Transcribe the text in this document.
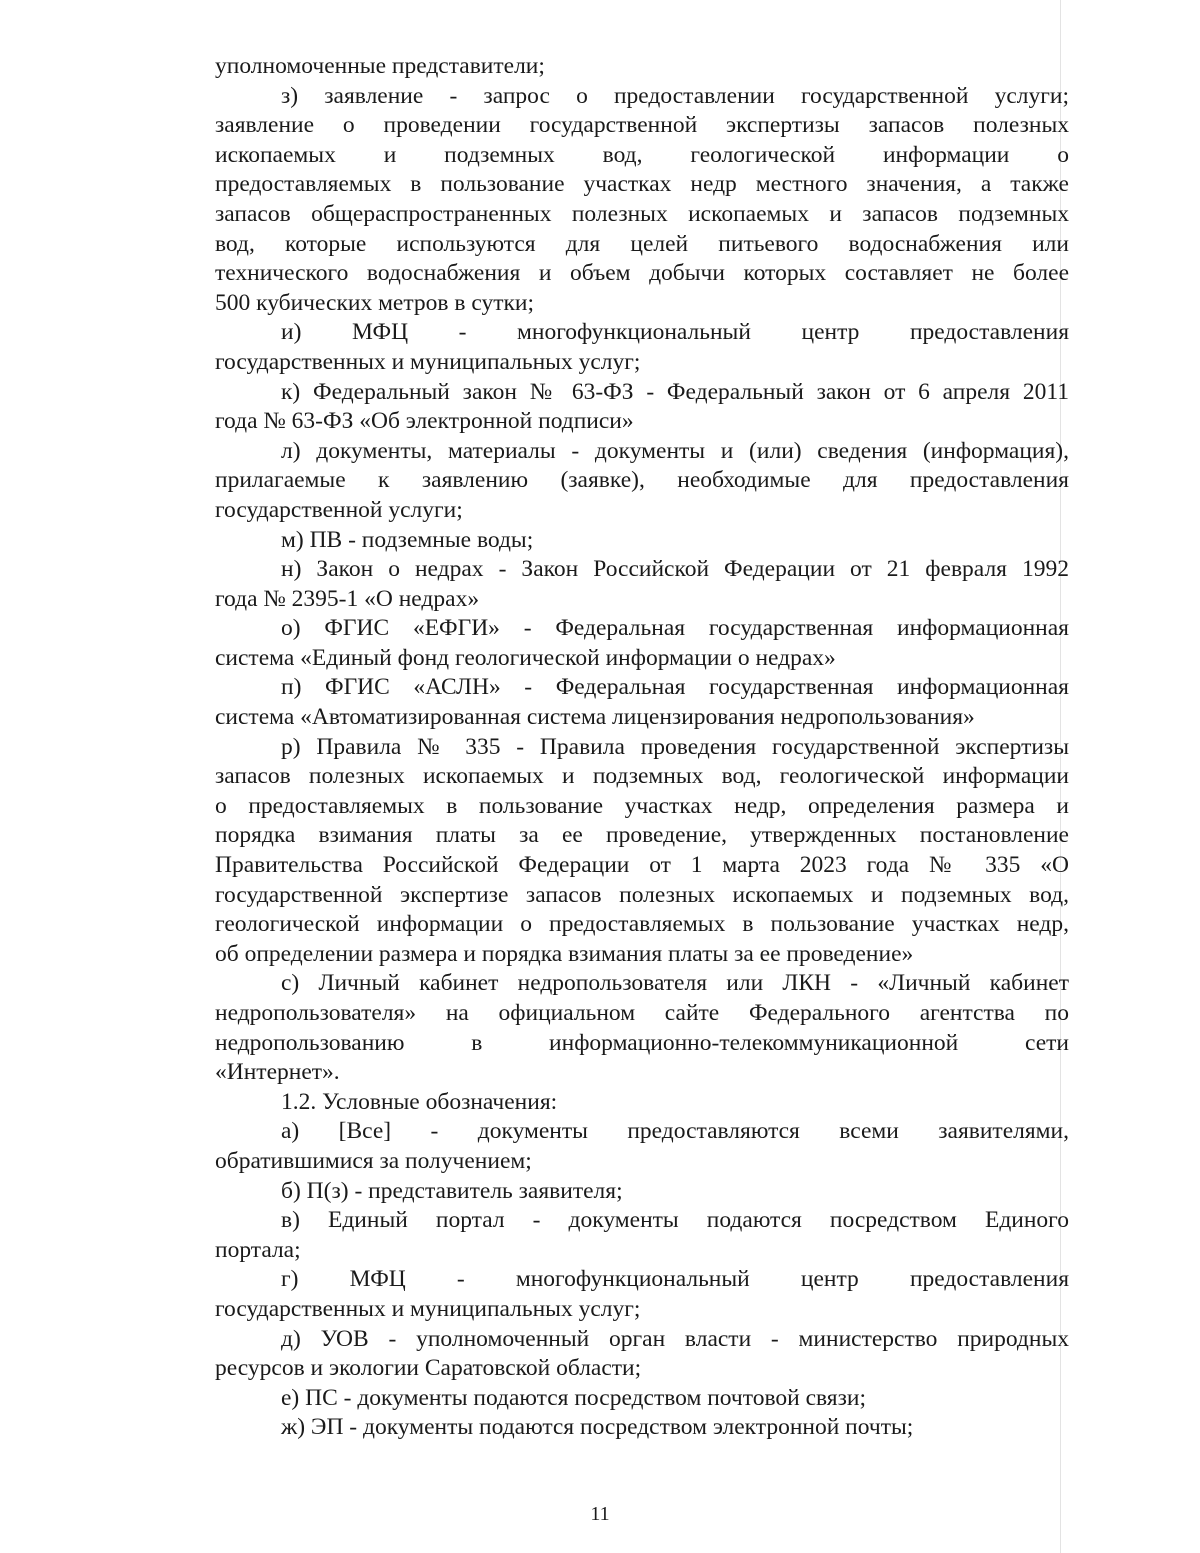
уполномоченные представители;
з) заявление - запрос о предоставлении государственной услуги;
заявление о проведении государственной экспертизы запасов полезных
ископаемых и подземных вод, геологической информации о
предоставляемых в пользование участках недр местного значения, а также
запасов общераспространенных полезных ископаемых и запасов подземных
вод, которые используются для целей питьевого водоснабжения или
технического водоснабжения и объем добычи которых составляет не более
500 кубических метров в сутки;
и) МФЦ - многофункциональный центр предоставления
государственных и муниципальных услуг;
к) Федеральный закон № 63-ФЗ - Федеральный закон от 6 апреля 2011
года № 63-ФЗ «Об электронной подписи»
л) документы, материалы - документы и (или) сведения (информация),
прилагаемые к заявлению (заявке), необходимые для предоставления
государственной услуги;
м) ПВ - подземные воды;
н) Закон о недрах - Закон Российской Федерации от 21 февраля 1992
года № 2395-1 «О недрах»
о) ФГИС «ЕФГИ» - Федеральная государственная информационная
система «Единый фонд геологической информации о недрах»
п) ФГИС «АСЛН» - Федеральная государственная информационная
система «Автоматизированная система лицензирования недропользования»
р) Правила № 335 - Правила проведения государственной экспертизы
запасов полезных ископаемых и подземных вод, геологической информации
о предоставляемых в пользование участках недр, определения размера и
порядка взимания платы за ее проведение, утвержденных постановление
Правительства Российской Федерации от 1 марта 2023 года № 335 «О
государственной экспертизе запасов полезных ископаемых и подземных вод,
геологической информации о предоставляемых в пользование участках недр,
об определении размера и порядка взимания платы за ее проведение»
с) Личный кабинет недропользователя или ЛКН - «Личный кабинет
недропользователя» на официальном сайте Федерального агентства по
недропользованию в информационно-телекоммуникационной сети
«Интернет».
1.2. Условные обозначения:
а) [Все] - документы предоставляются всеми заявителями,
обратившимися за получением;
б) П(з) - представитель заявителя;
в) Единый портал - документы подаются посредством Единого
портала;
г) МФЦ - многофункциональный центр предоставления
государственных и муниципальных услуг;
д) УОВ - уполномоченный орган власти - министерство природных
ресурсов и экологии Саратовской области;
е) ПС - документы подаются посредством почтовой связи;
ж) ЭП - документы подаются посредством электронной почты;
11
